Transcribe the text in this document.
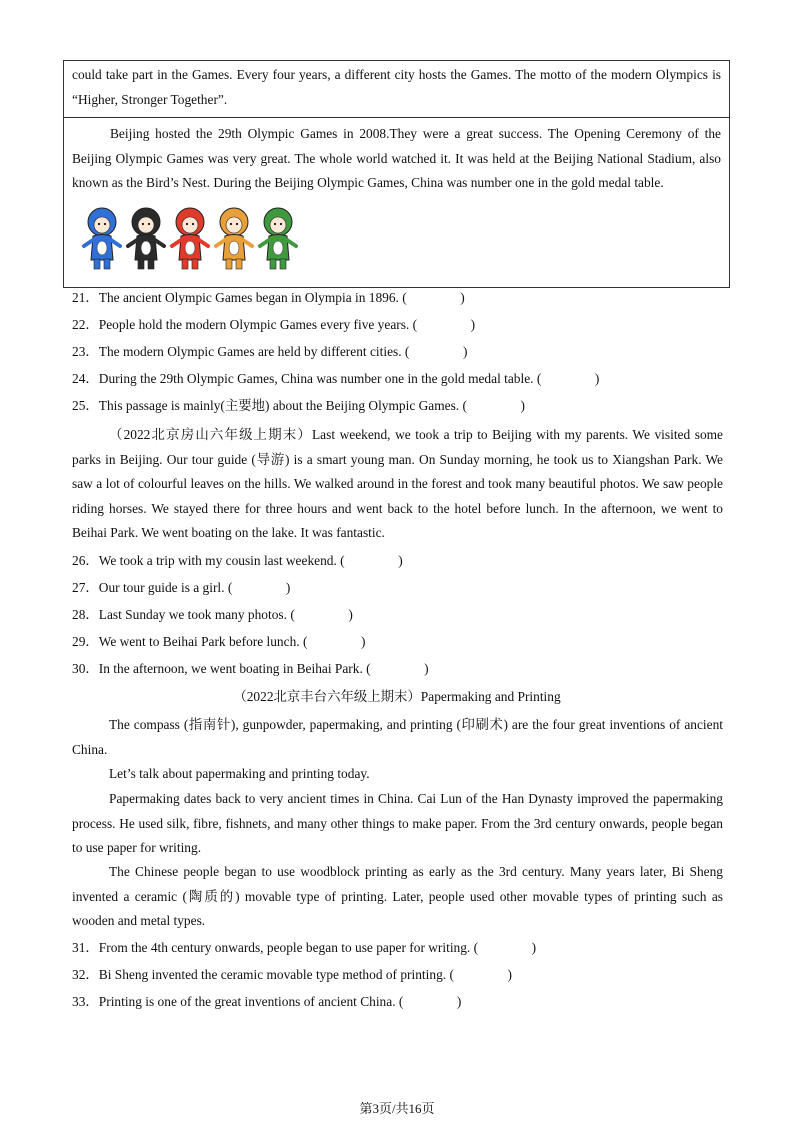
could take part in the Games. Every four years, a different city hosts the Games. The motto of the modern Olympics is “Higher, Stronger Together”.

Beijing hosted the 29th Olympic Games in 2008.They were a great success. The Opening Ceremony of the Beijing Olympic Games was very great. The whole world watched it. It was held at the Beijing National Stadium, also known as the Bird’s Nest. During the Beijing Olympic Games, China was number one in the gold medal table.

21．The ancient Olympic Games began in Olympia in 1896. (　　　　)
22．People hold the modern Olympic Games every five years. (　　　　)
23．The modern Olympic Games are held by different cities. (　　　　)
24．During the 29th Olympic Games, China was number one in the gold medal table. (　　　　)
25．This passage is mainly(主要地) about the Beijing Olympic Games. (　　　　)
（2022北京房山六年级上期末）Last weekend, we took a trip to Beijing with my parents. We visited some parks in Beijing. Our tour guide (导游) is a smart young man. On Sunday morning, he took us to Xiangshan Park. We saw a lot of colourful leaves on the hills. We walked around in the forest and took many beautiful photos. We saw people riding horses. We stayed there for three hours and went back to the hotel before lunch. In the afternoon, we went to Beihai Park. We went boating on the lake. It was fantastic.
26．We took a trip with my cousin last weekend. (　　　　)
27．Our tour guide is a girl. (　　　　)
28．Last Sunday we took many photos. (　　　　)
29．We went to Beihai Park before lunch. (　　　　)
30．In the afternoon, we went boating in Beihai Park. (　　　　)
（2022北京丰台六年级上期末）Papermaking and Printing
The compass (指南针), gunpowder, papermaking, and printing (印刷术) are the four great inventions of ancient China.
Let’s talk about papermaking and printing today.
Papermaking dates back to very ancient times in China. Cai Lun of the Han Dynasty improved the papermaking process. He used silk, fibre, fishnets, and many other things to make paper. From the 3rd century onwards, people began to use paper for writing.
The Chinese people began to use woodblock printing as early as the 3rd century. Many years later, Bi Sheng invented a ceramic (陶质的) movable type of printing. Later, people used other movable types of printing such as wooden and metal types.
31．From the 4th century onwards, people began to use paper for writing. (　　　　)
32．Bi Sheng invented the ceramic movable type method of printing. (　　　　)
33．Printing is one of the great inventions of ancient China. (　　　　)
第3页/共16页
